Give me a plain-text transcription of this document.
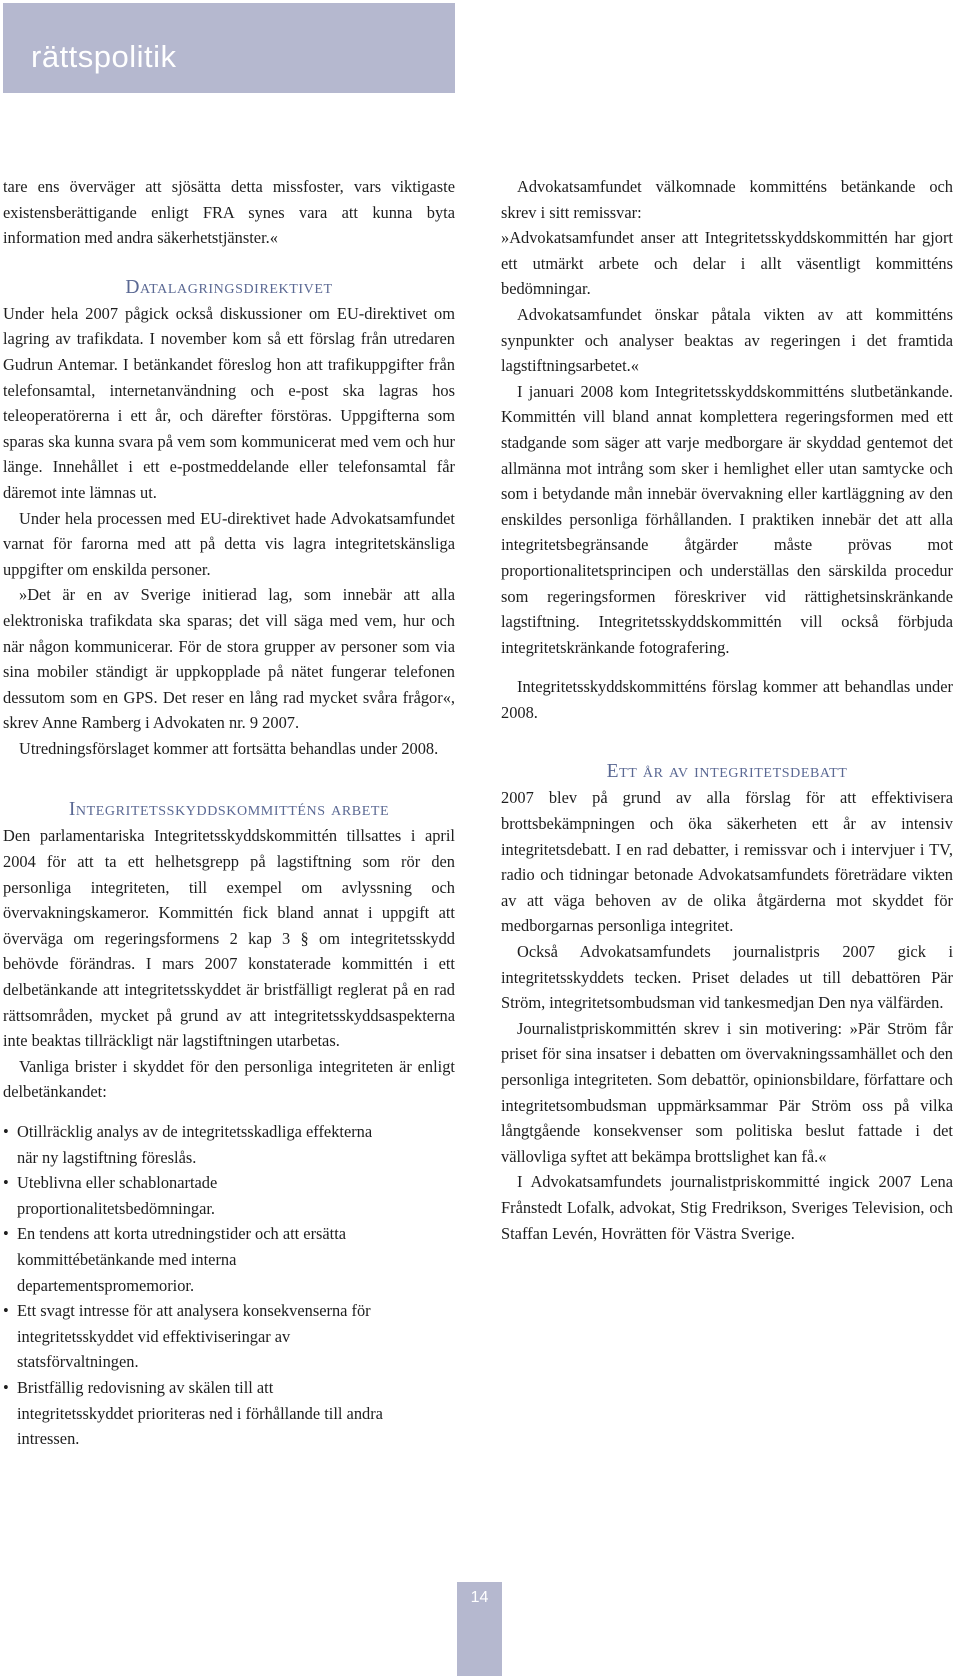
rättspolitik

tare ens överväger att sjösätta detta missfoster, vars viktigaste existensberättigande enligt FRA synes vara att kunna byta information med andra säkerhetstjänster.«

Datalagringsdirektivet

Under hela 2007 pågick också diskussioner om EU-direktivet om lagring av trafikdata. I november kom så ett förslag från utredaren Gudrun Antemar. I betänkandet föreslog hon att trafikuppgifter från telefonsamtal, internetanvändning och e-post ska lagras hos teleoperatörerna i ett år, och därefter förstöras. Uppgifterna som sparas ska kunna svara på vem som kommunicerat med vem och hur länge. Innehållet i ett e-postmeddelande eller telefonsamtal får däremot inte lämnas ut.

Under hela processen med EU-direktivet hade Advokatsamfundet varnat för farorna med att på detta vis lagra integritetskänsliga uppgifter om enskilda personer.

»Det är en av Sverige initierad lag, som innebär att alla elektroniska trafikdata ska sparas; det vill säga med vem, hur och när någon kommunicerar. För de stora grupper av personer som via sina mobiler ständigt är uppkopplade på nätet fungerar telefonen dessutom som en GPS. Det reser en lång rad mycket svåra frågor«, skrev Anne Ramberg i Advokaten nr. 9 2007.

Utredningsförslaget kommer att fortsätta behandlas under 2008.

Integritetsskyddskommitténs arbete

Den parlamentariska Integritetsskyddskommittén tillsattes i april 2004 för att ta ett helhetsgrepp på lagstiftning som rör den personliga integriteten, till exempel om avlyssning och övervakningskameror. Kommittén fick bland annat i uppgift att överväga om regeringsformens 2 kap 3 § om integritetsskydd behövde förändras. I mars 2007 konstaterade kommittén i ett delbetänkande att integritetsskyddet är bristfälligt reglerat på en rad rättsområden, mycket på grund av att integritetsskyddsaspekterna inte beaktas tillräckligt när lagstiftningen utarbetas.

Vanliga brister i skyddet för den personliga integriteten är enligt delbetänkandet:

• Otillräcklig analys av de integritetsskadliga effekterna när ny lagstiftning föreslås.
• Uteblivna eller schablonartade proportionalitetsbedömningar.
• En tendens att korta utredningstider och att ersätta kommittébetänkande med interna departementspromemorior.
• Ett svagt intresse för att analysera konsekvenserna för integritetsskyddet vid effektiviseringar av statsförvaltningen.
• Bristfällig redovisning av skälen till att integritetsskyddet prioriteras ned i förhållande till andra intressen.

Advokatsamfundet välkomnade kommitténs betänkande och skrev i sitt remissvar:

»Advokatsamfundet anser att Integritetsskyddskommittén har gjort ett utmärkt arbete och delar i allt väsentligt kommitténs bedömningar.

Advokatsamfundet önskar påtala vikten av att kommitténs synpunkter och analyser beaktas av regeringen i det framtida lagstiftningsarbetet.«

I januari 2008 kom Integritetsskyddskommitténs slutbetänkande. Kommittén vill bland annat komplettera regeringsformen med ett stadgande som säger att varje medborgare är skyddad gentemot det allmänna mot intrång som sker i hemlighet eller utan samtycke och som i betydande mån innebär övervakning eller kartläggning av den enskildes personliga förhållanden. I praktiken innebär det att alla integritetsbegränsande åtgärder måste prövas mot proportionalitetsprincipen och underställas den särskilda procedur som regeringsformen föreskriver vid rättighetsinskränkande lagstiftning. Integritetsskyddskommittén vill också förbjuda integritetskränkande fotografering.

Integritetsskyddskommitténs förslag kommer att behandlas under 2008.

Ett år av integritetsdebatt

2007 blev på grund av alla förslag för att effektivisera brottsbekämpningen och öka säkerheten ett år av intensiv integritetsdebatt. I en rad debatter, i remissvar och i intervjuer i TV, radio och tidningar betonade Advokatsamfundets företrädare vikten av att väga behoven av de olika åtgärderna mot skyddet för medborgarnas personliga integritet.

Också Advokatsamfundets journalistpris 2007 gick i integritetsskyddets tecken. Priset delades ut till debattören Pär Ström, integritetsombudsman vid tankesmedjan Den nya välfärden.

Journalistpriskommittén skrev i sin motivering: »Pär Ström får priset för sina insatser i debatten om övervakningssamhället och den personliga integriteten. Som debattör, opinionsbildare, författare och integritetsombudsman uppmärksammar Pär Ström oss på vilka långtgående konsekvenser som politiska beslut fattade i det vällovliga syftet att bekämpa brottslighet kan få.«

I Advokatsamfundets journalistpriskommitté ingick 2007 Lena Frånstedt Lofalk, advokat, Stig Fredrikson, Sveriges Television, och Staffan Levén, Hovrätten för Västra Sverige.

14
